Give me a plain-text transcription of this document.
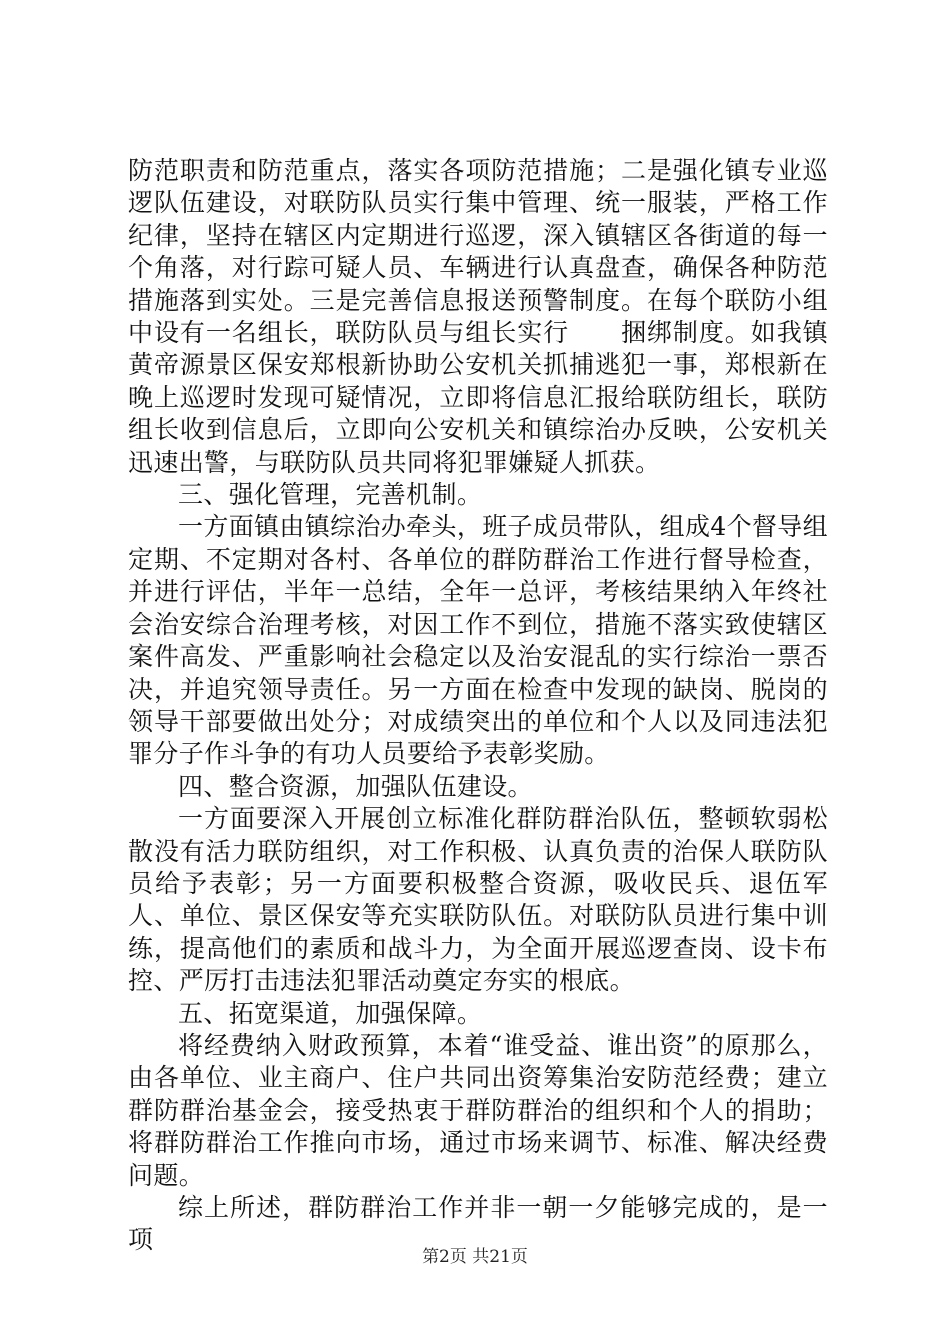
防范职责和防范重点，落实各项防范措施；二是强化镇专业巡逻队伍建设，对联防队员实行集中管理、统一服装，严格工作纪律，坚持在辖区内定期进行巡逻，深入镇辖区各街道的每一个角落，对行踪可疑人员、车辆进行认真盘查，确保各种防范措施落到实处。三是完善信息报送预警制度。在每个联防小组中设有一名组长，联防队员与组长实行　　捆绑制度。如我镇黄帝源景区保安郑根新协助公安机关抓捕逃犯一事，郑根新在晚上巡逻时发现可疑情况，立即将信息汇报给联防组长，联防组长收到信息后，立即向公安机关和镇综治办反映，公安机关迅速出警，与联防队员共同将犯罪嫌疑人抓获。

三、强化管理，完善机制。

一方面镇由镇综治办牵头，班子成员带队，组成4个督导组定期、不定期对各村、各单位的群防群治工作进行督导检查，并进行评估，半年一总结，全年一总评，考核结果纳入年终社会治安综合治理考核，对因工作不到位，措施不落实致使辖区案件高发、严重影响社会稳定以及治安混乱的实行综治一票否决，并追究领导责任。另一方面在检查中发现的缺岗、脱岗的领导干部要做出处分；对成绩突出的单位和个人以及同违法犯罪分子作斗争的有功人员要给予表彰奖励。

四、整合资源，加强队伍建设。

一方面要深入开展创立标准化群防群治队伍，整顿软弱松散没有活力联防组织，对工作积极、认真负责的治保人联防队员给予表彰；另一方面要积极整合资源，吸收民兵、退伍军人、单位、景区保安等充实联防队伍。对联防队员进行集中训练，提高他们的素质和战斗力，为全面开展巡逻查岗、设卡布控、严厉打击违法犯罪活动奠定夯实的根底。

五、拓宽渠道，加强保障。

将经费纳入财政预算，本着“谁受益、谁出资”的原那么，由各单位、业主商户、住户共同出资筹集治安防范经费；建立群防群治基金会，接受热衷于群防群治的组织和个人的捐助；将群防群治工作推向市场，通过市场来调节、标准、解决经费问题。

综上所述，群防群治工作并非一朝一夕能够完成的，是一项

第2页 共21页
